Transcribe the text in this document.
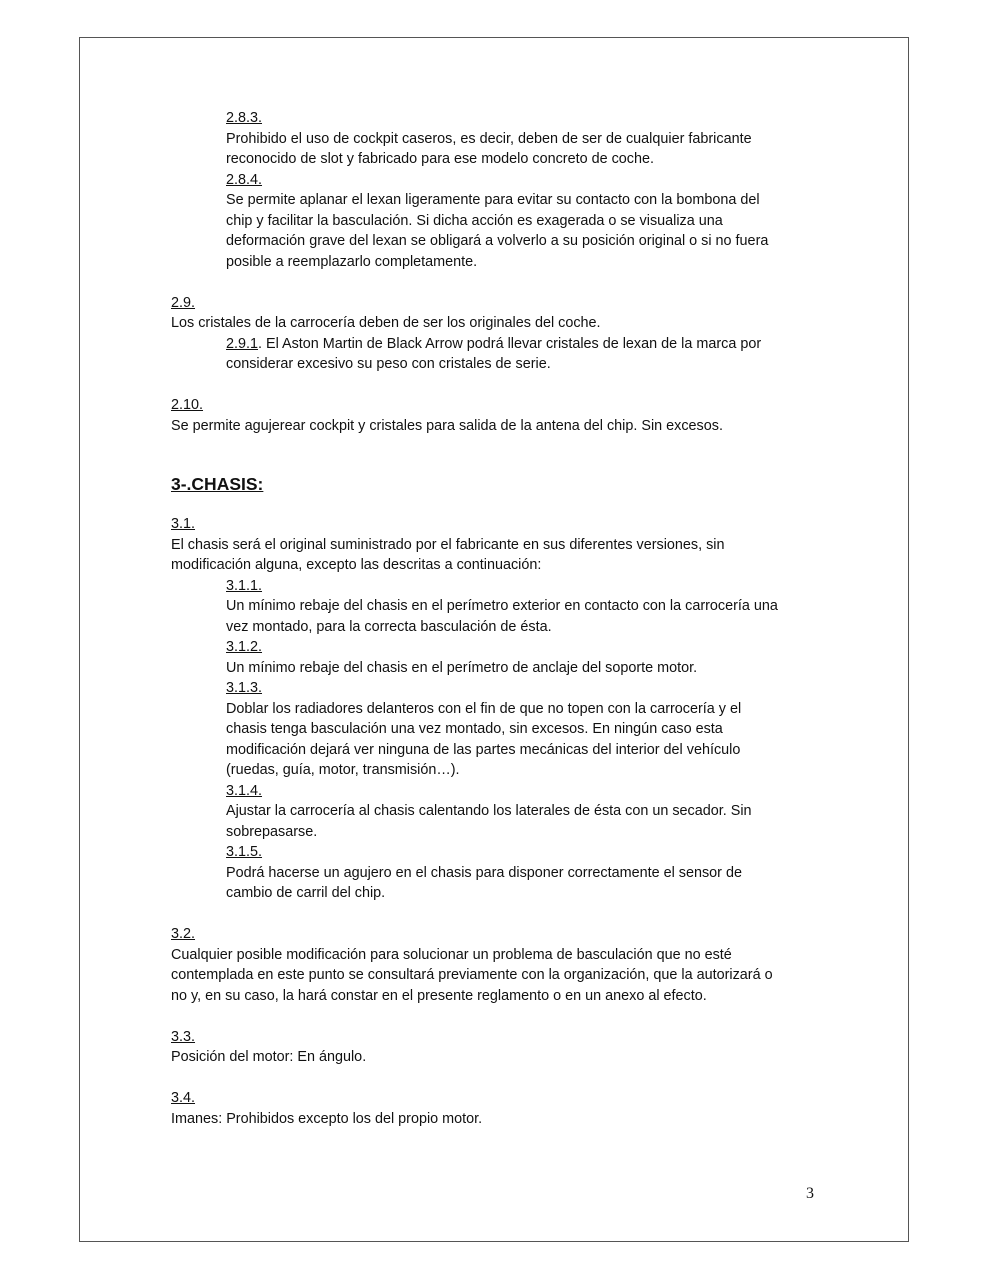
2.8.3.
Prohibido el uso de cockpit caseros, es decir, deben de ser de cualquier fabricante
reconocido de slot y fabricado para ese modelo concreto de coche.
2.8.4.
Se permite aplanar el lexan ligeramente para evitar su contacto con la bombona del
chip y facilitar la basculación. Si dicha acción es exagerada o se visualiza una
deformación grave del lexan se obligará a volverlo a su posición original o si no fuera
posible a reemplazarlo completamente.
2.9.
Los cristales de la carrocería deben de ser los originales del coche.
2.9.1. El Aston Martin de Black Arrow podrá llevar cristales de lexan de la marca por
considerar excesivo su peso con cristales de serie.
2.10.
Se permite agujerear cockpit y cristales para salida de la antena del chip. Sin excesos.
3-.CHASIS:
3.1.
El chasis será el original suministrado por el fabricante en sus diferentes versiones, sin
modificación alguna, excepto las descritas a continuación:
3.1.1.
Un mínimo rebaje del chasis en el perímetro exterior en contacto con la carrocería una
vez montado, para la correcta basculación de ésta.
3.1.2.
Un mínimo rebaje del chasis en el perímetro de anclaje del soporte motor.
3.1.3.
Doblar los radiadores delanteros con el fin de que no topen con la carrocería y el
chasis tenga basculación una vez montado, sin excesos. En ningún caso esta
modificación dejará ver ninguna de las partes mecánicas del interior del vehículo
(ruedas, guía, motor, transmisión…).
3.1.4.
Ajustar la carrocería al chasis calentando los laterales de ésta con un secador. Sin
sobrepasarse.
3.1.5.
Podrá hacerse un agujero en el chasis para disponer correctamente el sensor de
cambio de carril del chip.
3.2.
Cualquier posible modificación para solucionar un problema de basculación que no esté
contemplada en este punto se consultará previamente con la organización, que la autorizará o
no y, en su caso, la hará constar en el presente reglamento o en un anexo al efecto.
3.3.
Posición del motor: En ángulo.
3.4.
Imanes: Prohibidos excepto los del propio motor.
3
